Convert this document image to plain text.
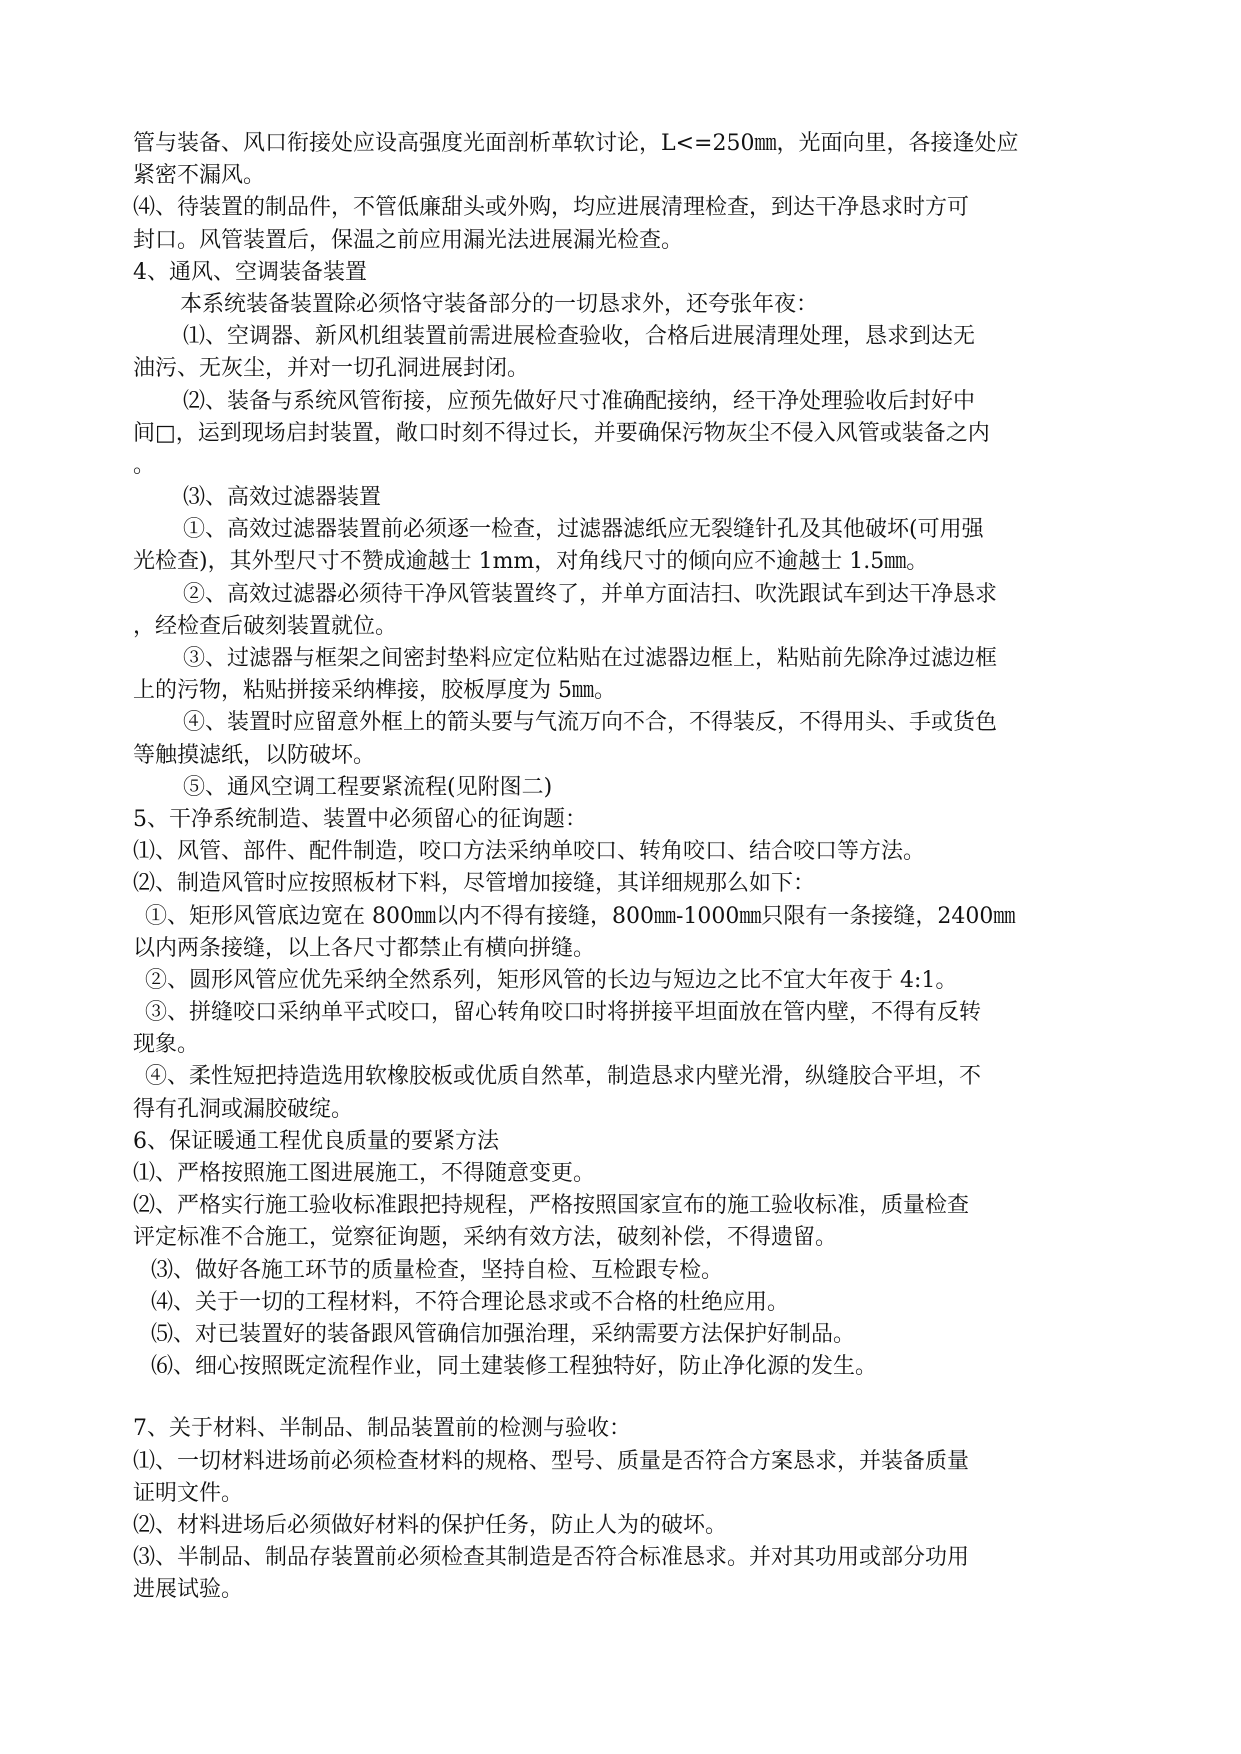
管与装备、风口衔接处应设高强度光面剖析革软讨论，L<=250㎜，光面向里，各接逢处应
紧密不漏风。
⑷、待装置的制品件，不管低廉甜头或外购，均应进展清理检查，到达干净恳求时方可
封口。风管装置后，保温之前应用漏光法进展漏光检查。
4、通风、空调装备装置
本系统装备装置除必须恪守装备部分的一切恳求外，还夸张年夜：
⑴、空调器、新风机组装置前需进展检查验收，合格后进展清理处理，恳求到达无
油污、无灰尘，并对一切孔洞进展封闭。
⑵、装备与系统风管衔接，应预先做好尺寸准确配接纳，经干净处理验收后封好中
间□，运到现场启封装置，敞口时刻不得过长，并要确保污物灰尘不侵入风管或装备之内
。
⑶、高效过滤器装置
①、高效过滤器装置前必须逐一检查，过滤器滤纸应无裂缝针孔及其他破坏(可用强
光检查)，其外型尺寸不赞成逾越士 1mm，对角线尺寸的倾向应不逾越士 1.5㎜。
②、高效过滤器必须待干净风管装置终了，并单方面洁扫、吹洗跟试车到达干净恳求
，经检查后破刻装置就位。
③、过滤器与框架之间密封垫料应定位粘贴在过滤器边框上，粘贴前先除净过滤边框
上的污物，粘贴拼接采纳榫接，胶板厚度为 5㎜。
④、装置时应留意外框上的箭头要与气流万向不合，不得装反，不得用头、手或货色
等触摸滤纸，以防破坏。
⑤、通风空调工程要紧流程(见附图二)
5、干净系统制造、装置中必须留心的征询题：
⑴、风管、部件、配件制造，咬口方法采纳单咬口、转角咬口、结合咬口等方法。
⑵、制造风管时应按照板材下料，尽管增加接缝，其详细规那么如下：
①、矩形风管底边宽在 800㎜以内不得有接缝，800㎜-1000㎜只限有一条接缝，2400㎜
以内两条接缝，以上各尺寸都禁止有横向拼缝。
②、圆形风管应优先采纳全然系列，矩形风管的长边与短边之比不宜大年夜于 4:1。
③、拼缝咬口采纳单平式咬口，留心转角咬口时将拼接平坦面放在管内壁，不得有反转
现象。
④、柔性短把持造选用软橡胶板或优质自然革，制造恳求内壁光滑，纵缝胶合平坦，不
得有孔洞或漏胶破绽。
6、保证暖通工程优良质量的要紧方法
⑴、严格按照施工图进展施工，不得随意变更。
⑵、严格实行施工验收标准跟把持规程，严格按照国家宣布的施工验收标准，质量检查
评定标准不合施工，觉察征询题，采纳有效方法，破刻补偿，不得遗留。
⑶、做好各施工环节的质量检查，坚持自检、互检跟专检。
⑷、关于一切的工程材料，不符合理论恳求或不合格的杜绝应用。
⑸、对已装置好的装备跟风管确信加强治理，采纳需要方法保护好制品。
⑹、细心按照既定流程作业，同土建装修工程独特好，防止净化源的发生。
7、关于材料、半制品、制品装置前的检测与验收：
⑴、一切材料进场前必须检查材料的规格、型号、质量是否符合方案恳求，并装备质量
证明文件。
⑵、材料进场后必须做好材料的保护任务，防止人为的破坏。
⑶、半制品、制品存装置前必须检查其制造是否符合标准恳求。并对其功用或部分功用
进展试验。
